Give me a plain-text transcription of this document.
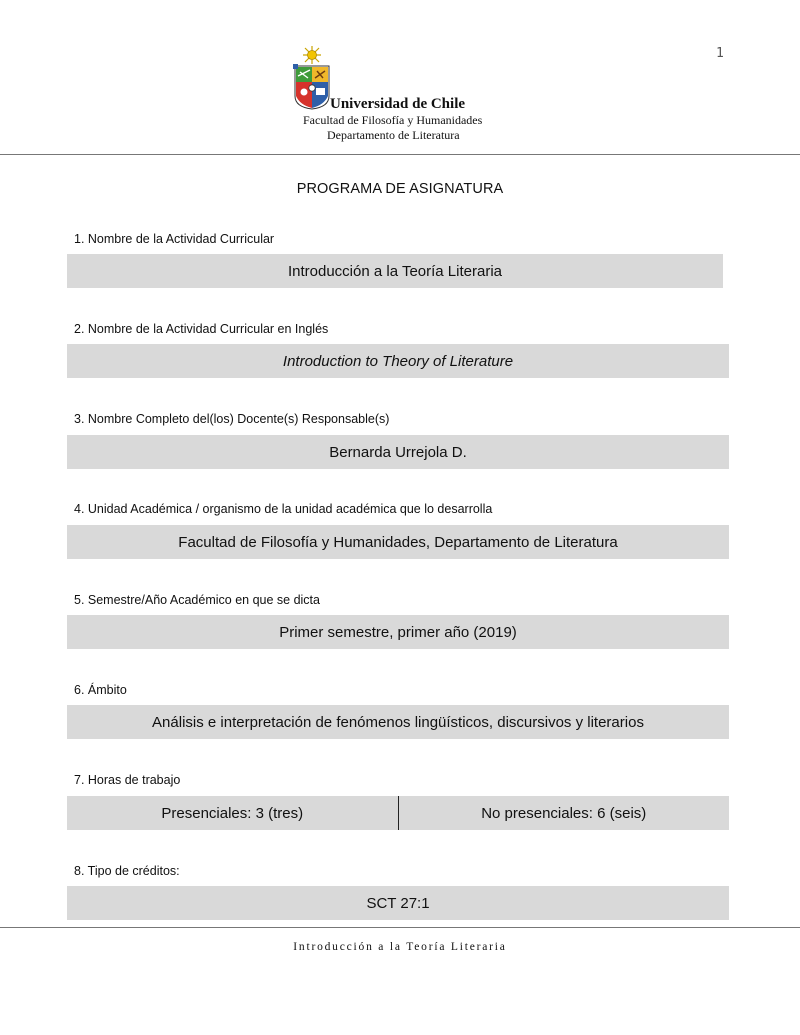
1
Universidad de Chile
Facultad de Filosofía y Humanidades
Departamento de Literatura
PROGRAMA DE ASIGNATURA
1. Nombre de la Actividad Curricular
Introducción a la Teoría Literaria
2. Nombre de la Actividad Curricular en Inglés
Introduction to Theory of Literature
3. Nombre Completo del(los) Docente(s) Responsable(s)
Bernarda Urrejola D.
4. Unidad Académica / organismo de la unidad académica que lo desarrolla
Facultad de Filosofía y Humanidades, Departamento de Literatura
5. Semestre/Año Académico en que se dicta
Primer semestre, primer año (2019)
6. Ámbito
Análisis e interpretación de fenómenos lingüísticos, discursivos y literarios
7. Horas de trabajo
Presenciales: 3 (tres)	No presenciales: 6 (seis)
8. Tipo de créditos:
SCT 27:1
Introducción a la Teoría Literaria
